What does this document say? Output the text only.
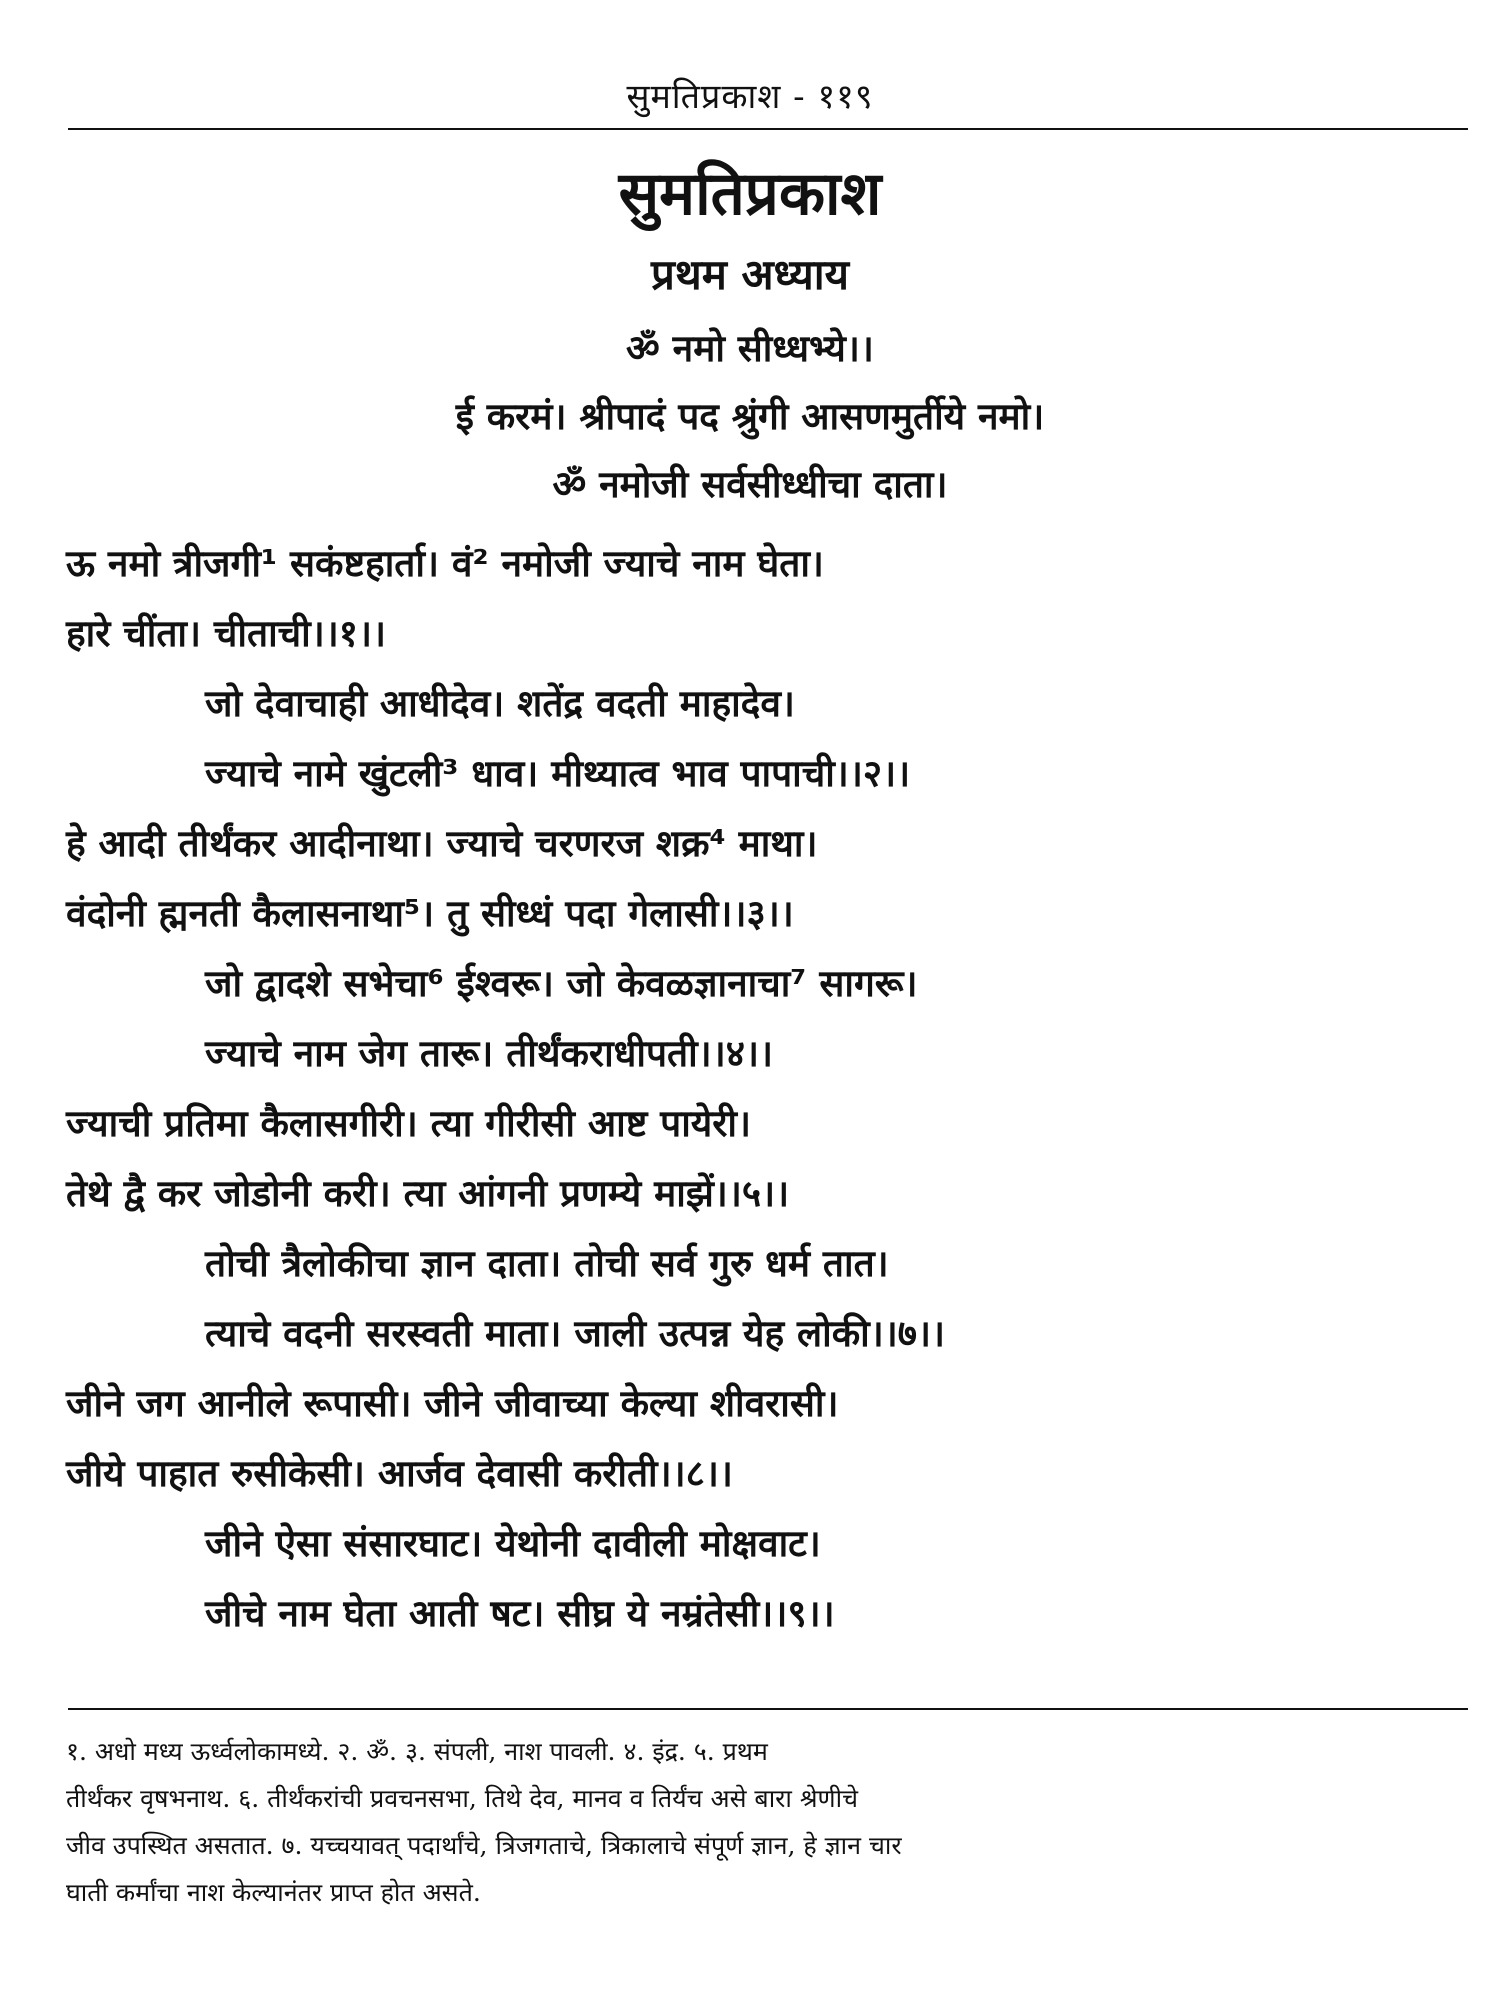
सुमतिप्रकाश - ११९
सुमतिप्रकाश
प्रथम अध्याय
ॐ नमो सीध्धभ्ये।।
ई करमं। श्रीपादं पद श्रुंगी आसणमुर्तीये नमो।
ॐ नमोजी सर्वसीध्धीचा दाता।
ऊ नमो त्रीजगी¹ सकंष्टहार्ता। वं² नमोजी ज्याचे नाम घेता।
हारे चींता। चीताची।।१।।
जो देवाचाही आधीदेव। शतेंद्र वदती माहादेव।
ज्याचे नामे खुंटली³ धाव। मीथ्यात्व भाव पापाची।।२।।
हे आदी तीर्थंकर आदीनाथा। ज्याचे चरणरज शक्र⁴ माथा।
वंदोनी ह्मनती कैलासनाथा⁵। तु सीध्धं पदा गेलासी।।३।।
जो द्वादशे सभेचा⁶ ईश्वरू। जो केवळज्ञानाचा⁷ सागरू।
ज्याचे नाम जेग तारू। तीर्थंकराधीपती।।४।।
ज्याची प्रतिमा कैलासगीरी। त्या गीरीसी आष्ट पायेरी।
तेथे द्वै कर जोडोनी करी। त्या आंगनी प्रणम्ये माझें।।५।।
तोची त्रैलोकीचा ज्ञान दाता। तोची सर्व गुरु धर्म तात।
त्याचे वदनी सरस्वती माता। जाली उत्पन्न येह लोकी।।७।।
जीने जग आनीले रूपासी। जीने जीवाच्या केल्या शीवरासी।
जीये पाहात रुसीकेसी। आर्जव देवासी करीती।।८।।
जीने ऐसा संसारघाट। येथोनी दावीली मोक्षवाट।
जीचे नाम घेता आती षट। सीघ्र ये नम्रंतेसी।।९।।
१. अधो मध्य ऊर्ध्वलोकामध्ये. २. ॐ. ३. संपली, नाश पावली. ४. इंद्र. ५. प्रथम
तीर्थंकर वृषभनाथ. ६. तीर्थंकरांची प्रवचनसभा, तिथे देव, मानव व तिर्यंच असे बारा श्रेणीचे
जीव उपस्थित असतात. ७. यच्चयावत् पदार्थांचे, त्रिजगताचे, त्रिकालाचे संपूर्ण ज्ञान, हे ज्ञान चार
घाती कर्मांचा नाश केल्यानंतर प्राप्त होत असते.
